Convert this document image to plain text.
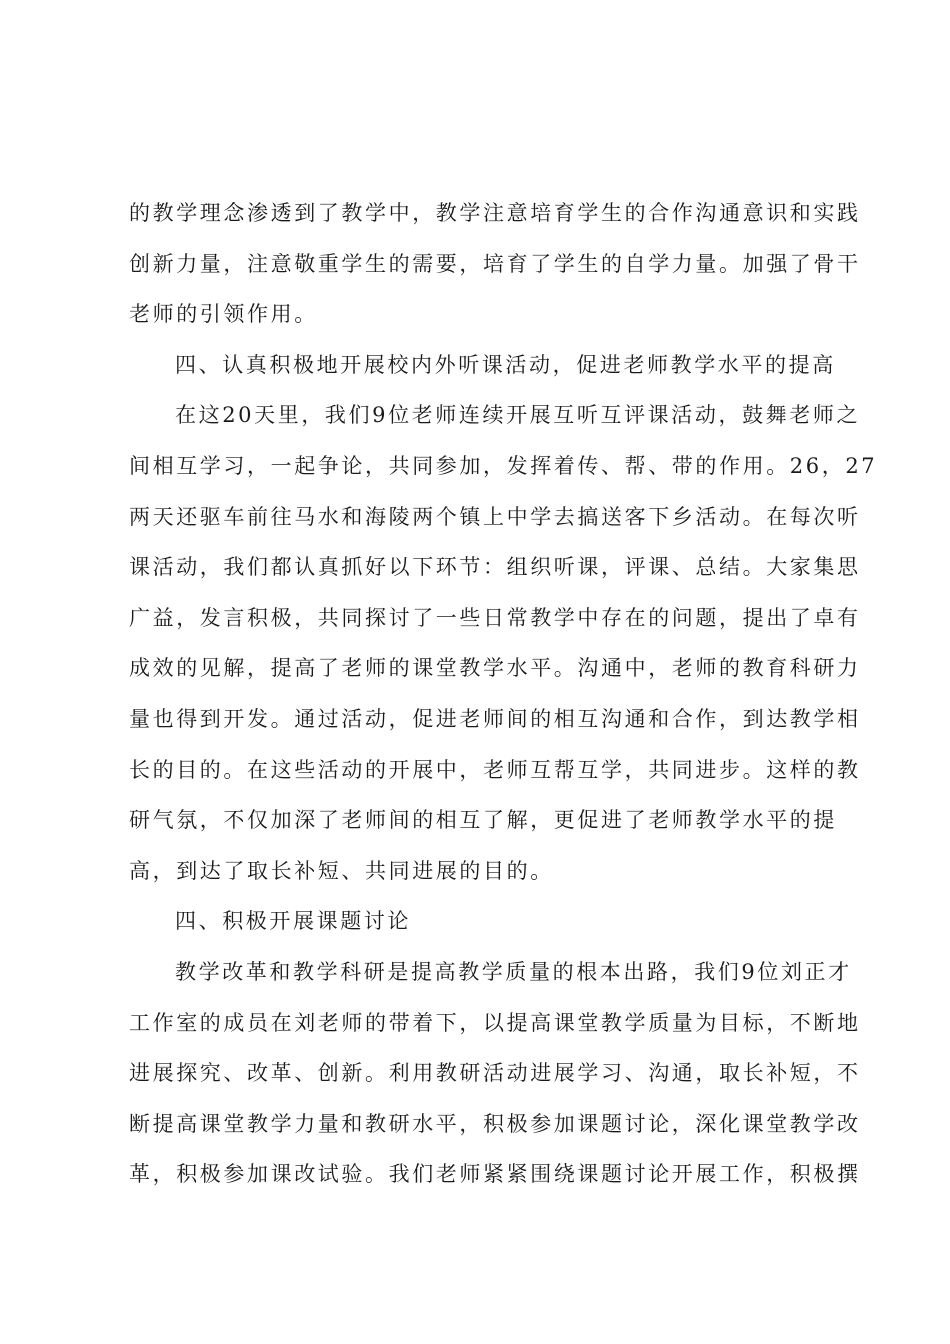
的教学理念渗透到了教学中，教学注意培育学生的合作沟通意识和实践
创新力量，注意敬重学生的需要，培育了学生的自学力量。加强了骨干
老师的引领作用。
四、认真积极地开展校内外听课活动，促进老师教学水平的提高
在这20天里，我们9位老师连续开展互听互评课活动，鼓舞老师之
间相互学习，一起争论，共同参加，发挥着传、帮、带的作用。26，27
两天还驱车前往马水和海陵两个镇上中学去搞送客下乡活动。在每次听
课活动，我们都认真抓好以下环节：组织听课，评课、总结。大家集思
广益，发言积极，共同探讨了一些日常教学中存在的问题，提出了卓有
成效的见解，提高了老师的课堂教学水平。沟通中，老师的教育科研力
量也得到开发。通过活动，促进老师间的相互沟通和合作，到达教学相
长的目的。在这些活动的开展中，老师互帮互学，共同进步。这样的教
研气氛，不仅加深了老师间的相互了解，更促进了老师教学水平的提
高，到达了取长补短、共同进展的目的。
四、积极开展课题讨论
教学改革和教学科研是提高教学质量的根本出路，我们9位刘正才
工作室的成员在刘老师的带着下，以提高课堂教学质量为目标，不断地
进展探究、改革、创新。利用教研活动进展学习、沟通，取长补短，不
断提高课堂教学力量和教研水平，积极参加课题讨论，深化课堂教学改
革，积极参加课改试验。我们老师紧紧围绕课题讨论开展工作，积极撰
